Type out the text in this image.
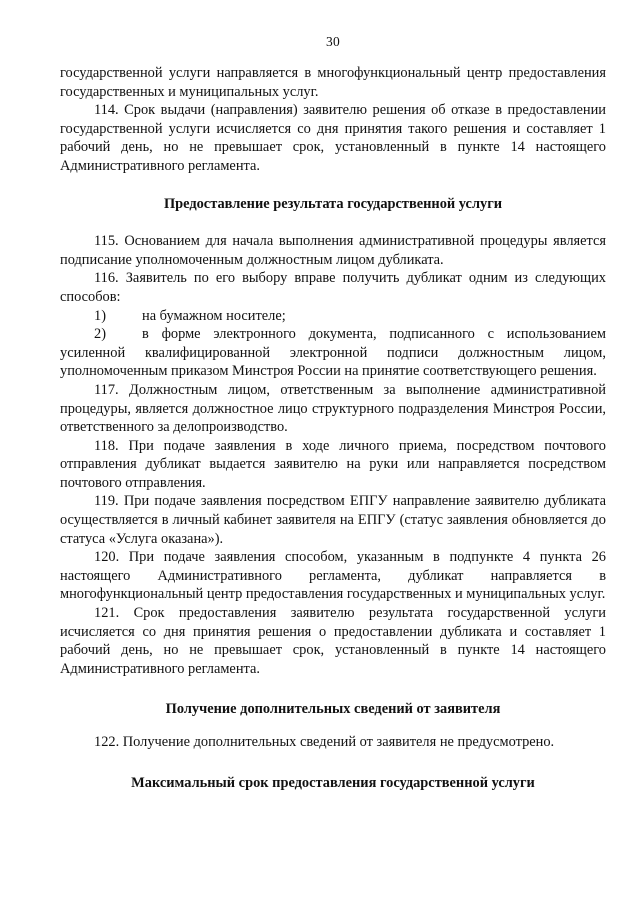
30

государственной услуги направляется в многофункциональный центр предоставления государственных и муниципальных услуг.

114. Срок выдачи (направления) заявителю решения об отказе в предоставлении государственной услуги исчисляется со дня принятия такого решения и составляет 1 рабочий день, но не превышает срок, установленный в пункте 14 настоящего Административного регламента.

Предоставление результата государственной услуги

115. Основанием для начала выполнения административной процедуры является подписание уполномоченным должностным лицом дубликата.

116. Заявитель по его выбору вправе получить дубликат одним из следующих способов:

1)	на бумажном носителе;

2)	в форме электронного документа, подписанного с использованием усиленной квалифицированной электронной подписи должностным лицом, уполномоченным приказом Минстроя России на принятие соответствующего решения.

117. Должностным лицом, ответственным за выполнение административной процедуры, является должностное лицо структурного подразделения Минстроя России, ответственного за делопроизводство.

118. При подаче заявления в ходе личного приема, посредством почтового отправления дубликат выдается заявителю на руки или направляется посредством почтового отправления.

119. При подаче заявления посредством ЕПГУ направление заявителю дубликата осуществляется в личный кабинет заявителя на ЕПГУ (статус заявления обновляется до статуса «Услуга оказана»).

120. При подаче заявления способом, указанным в подпункте 4 пункта 26 настоящего Административного регламента, дубликат направляется в многофункциональный центр предоставления государственных и муниципальных услуг.

121. Срок предоставления заявителю результата государственной услуги исчисляется со дня принятия решения о предоставлении дубликата и составляет 1 рабочий день, но не превышает срок, установленный в пункте 14 настоящего Административного регламента.

Получение дополнительных сведений от заявителя

122. Получение дополнительных сведений от заявителя не предусмотрено.

Максимальный срок предоставления государственной услуги
